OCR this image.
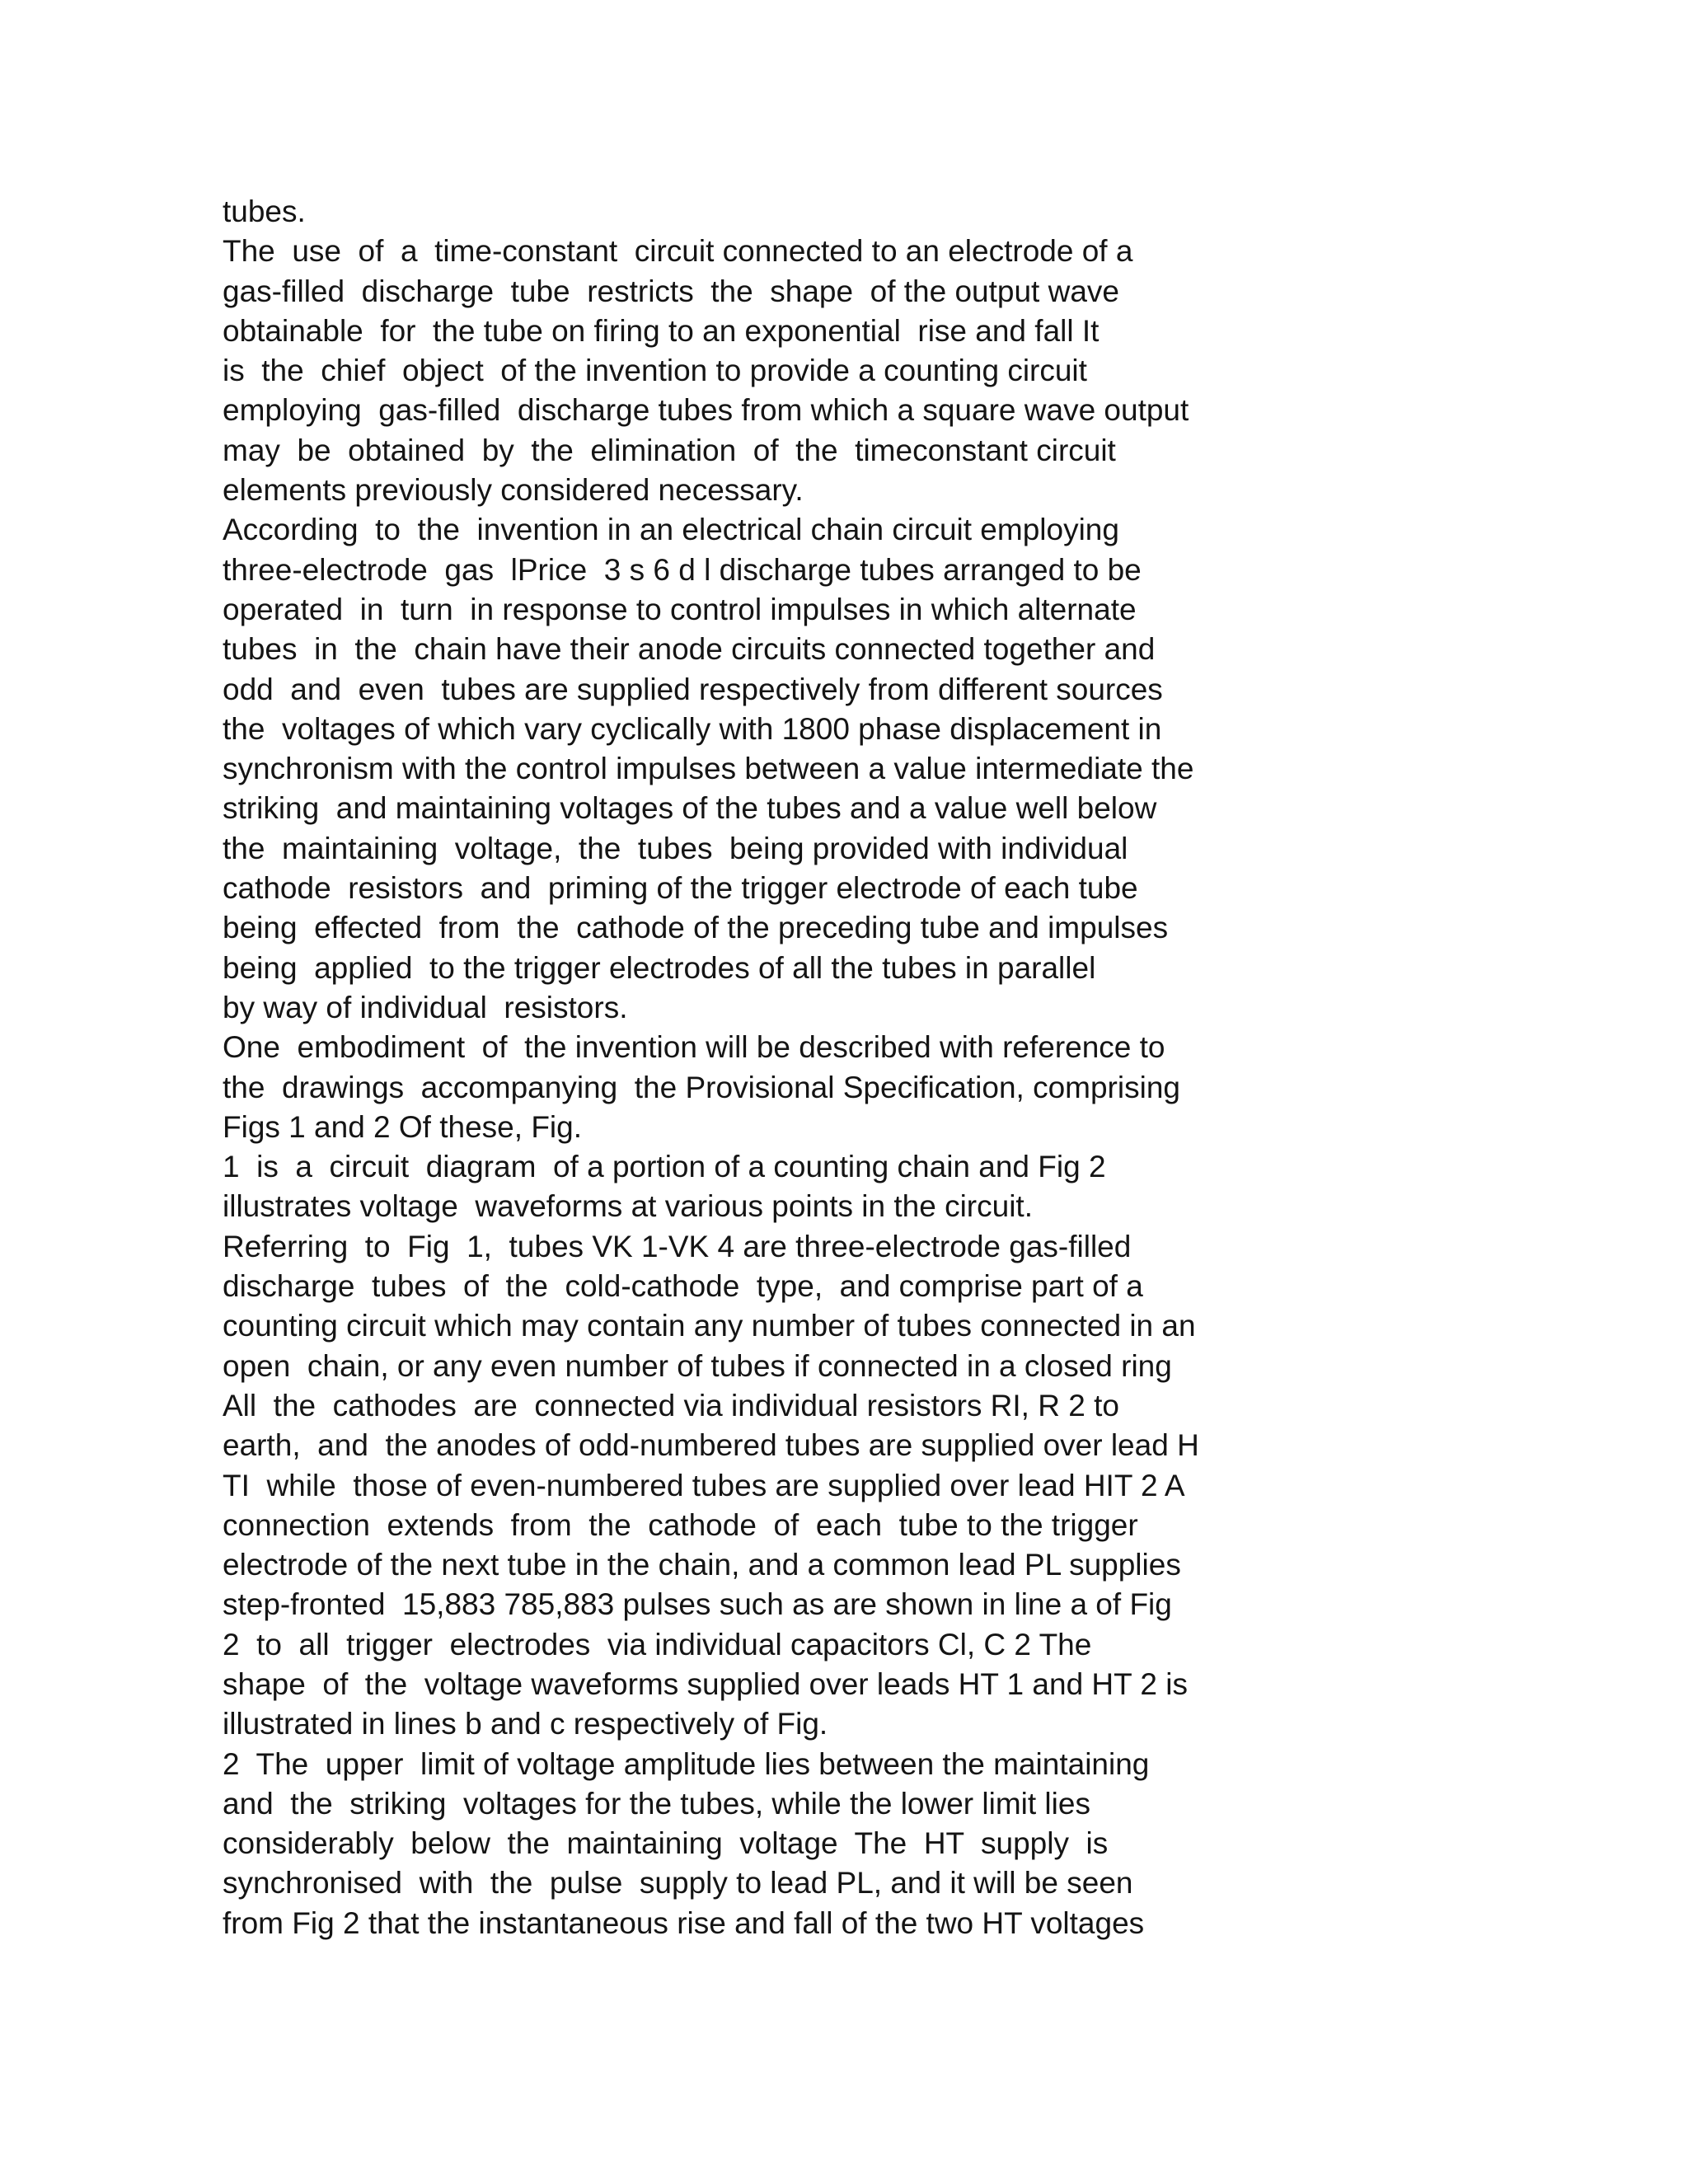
tubes.
The  use  of  a  time-constant  circuit connected to an electrode of a
gas-filled  discharge  tube  restricts  the  shape  of the output wave
obtainable  for  the tube on firing to an exponential  rise and fall It
is  the  chief  object  of the invention to provide a counting circuit
employing  gas-filled  discharge tubes from which a square wave output
may  be  obtained  by  the  elimination  of  the  timeconstant circuit
elements previously considered necessary.
According  to  the  invention in an electrical chain circuit employing
three-electrode  gas  lPrice  3 s 6 d l discharge tubes arranged to be
operated  in  turn  in response to control impulses in which alternate
tubes  in  the  chain have their anode circuits connected together and
odd  and  even  tubes are supplied respectively from different sources
the  voltages of which vary cyclically with 1800 phase displacement in
synchronism with the control impulses between a value intermediate the
striking  and maintaining voltages of the tubes and a value well below
the  maintaining  voltage,  the  tubes  being provided with individual
cathode  resistors  and  priming of the trigger electrode of each tube
being  effected  from  the  cathode of the preceding tube and impulses
being  applied  to the trigger electrodes of all the tubes in parallel
by way of individual  resistors.
One  embodiment  of  the invention will be described with reference to
the  drawings  accompanying  the Provisional Specification, comprising
Figs 1 and 2 Of these, Fig.
1  is  a  circuit  diagram  of a portion of a counting chain and Fig 2
illustrates voltage  waveforms at various points in the circuit.
Referring  to  Fig  1,  tubes VK 1-VK 4 are three-electrode gas-filled
discharge  tubes  of  the  cold-cathode  type,  and comprise part of a
counting circuit which may contain any number of tubes connected in an
open  chain, or any even number of tubes if connected in a closed ring
All  the  cathodes  are  connected via individual resistors RI, R 2 to
earth,  and  the anodes of odd-numbered tubes are supplied over lead H
TI  while  those of even-numbered tubes are supplied over lead HIT 2 A
connection  extends  from  the  cathode  of  each  tube to the trigger
electrode of the next tube in the chain, and a common lead PL supplies
step-fronted  15,883 785,883 pulses such as are shown in line a of Fig
2  to  all  trigger  electrodes  via individual capacitors Cl, C 2 The
shape  of  the  voltage waveforms supplied over leads HT 1 and HT 2 is
illustrated in lines b and c respectively of Fig.
2  The  upper  limit of voltage amplitude lies between the maintaining
and  the  striking  voltages for the tubes, while the lower limit lies
considerably  below  the  maintaining  voltage  The  HT  supply  is
synchronised  with  the  pulse  supply to lead PL, and it will be seen
from Fig 2 that the instantaneous rise and fall of the two HT voltages
